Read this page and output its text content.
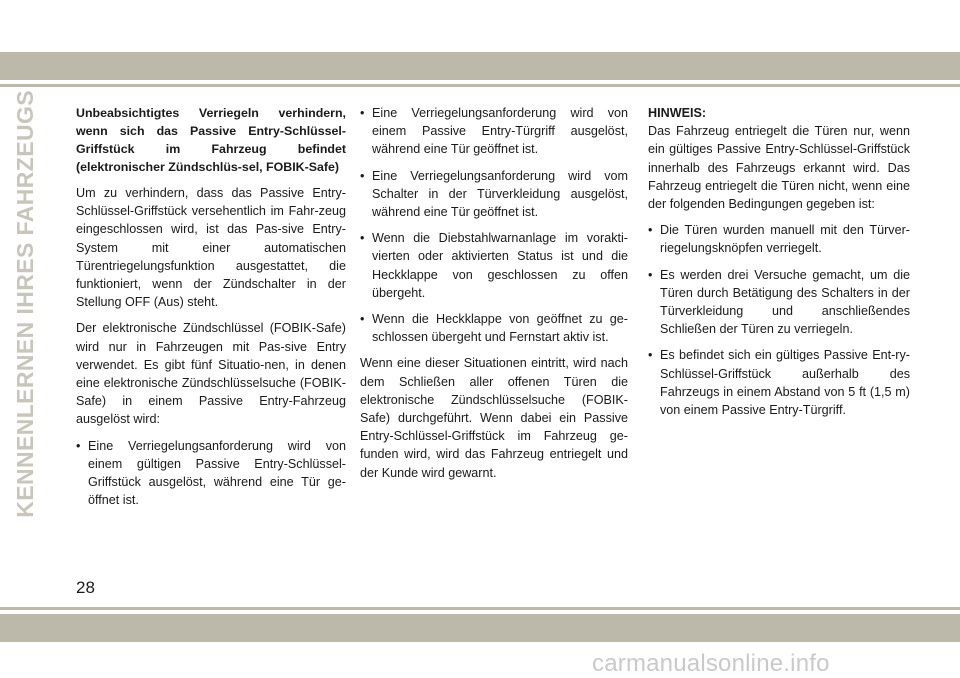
KENNENLERNEN IHRES FAHRZEUGS	Unbeabsichtigtes Verriegeln verhindern, wenn sich das Passive Entry-Schlüssel-Griffstück im Fahrzeug befindet (elektronischer Zündschlüs-sel, FOBIK-Safe)

Um zu verhindern, dass das Passive Entry-Schlüssel-Griffstück versehentlich im Fahr-zeug eingeschlossen wird, ist das Pas-sive Entry-System mit einer automatischen Türentriegelungsfunktion ausgestattet, die funktioniert, wenn der Zündschalter in der Stellung OFF (Aus) steht.

Der elektronische Zündschlüssel (FOBIK-Safe) wird nur in Fahrzeugen mit Pas-sive Entry verwendet. Es gibt fünf Situatio-nen, in denen eine elektronische Zündschlüsselsuche (FOBIK-Safe) in einem Passive Entry-Fahrzeug ausgelöst wird:

• Eine Verriegelungsanforderung wird von einem gültigen Passive Entry-Schlüssel-Griffstück ausgelöst, während eine Tür ge-öffnet ist.
• Eine Verriegelungsanforderung wird von einem Passive Entry-Türgriff ausgelöst, während eine Tür geöffnet ist.
• Eine Verriegelungsanforderung wird vom Schalter in der Türverkleidung ausgelöst, während eine Tür geöffnet ist.
• Wenn die Diebstahlwarnanlage im vorakti-vierten oder aktivierten Status ist und die Heckklappe von geschlossen zu offen übergeht.
• Wenn die Heckklappe von geöffnet zu ge-schlossen übergeht und Fernstart aktiv ist.

Wenn eine dieser Situationen eintritt, wird nach dem Schließen aller offenen Türen die elektronische Zündschlüsselsuche (FOBIK-Safe) durchgeführt. Wenn dabei ein Passive Entry-Schlüssel-Griffstück im Fahrzeug ge-funden wird, wird das Fahrzeug entriegelt und der Kunde wird gewarnt.

HINWEIS:

Das Fahrzeug entriegelt die Türen nur, wenn ein gültiges Passive Entry-Schlüssel-Griffstück innerhalb des Fahrzeugs erkannt wird. Das Fahrzeug entriegelt die Türen nicht, wenn eine der folgenden Bedingungen gegeben ist:

• Die Türen wurden manuell mit den Türver-riegelungsknöpfen verriegelt.
• Es werden drei Versuche gemacht, um die Türen durch Betätigung des Schalters in der Türverkleidung und anschließendes Schließen der Türen zu verriegeln.
• Es befindet sich ein gültiges Passive Ent-ry-Schlüssel-Griffstück außerhalb des Fahrzeugs in einem Abstand von 5 ft (1,5 m) von einem Passive Entry-Türgriff.
28
carmanualsonline.info
